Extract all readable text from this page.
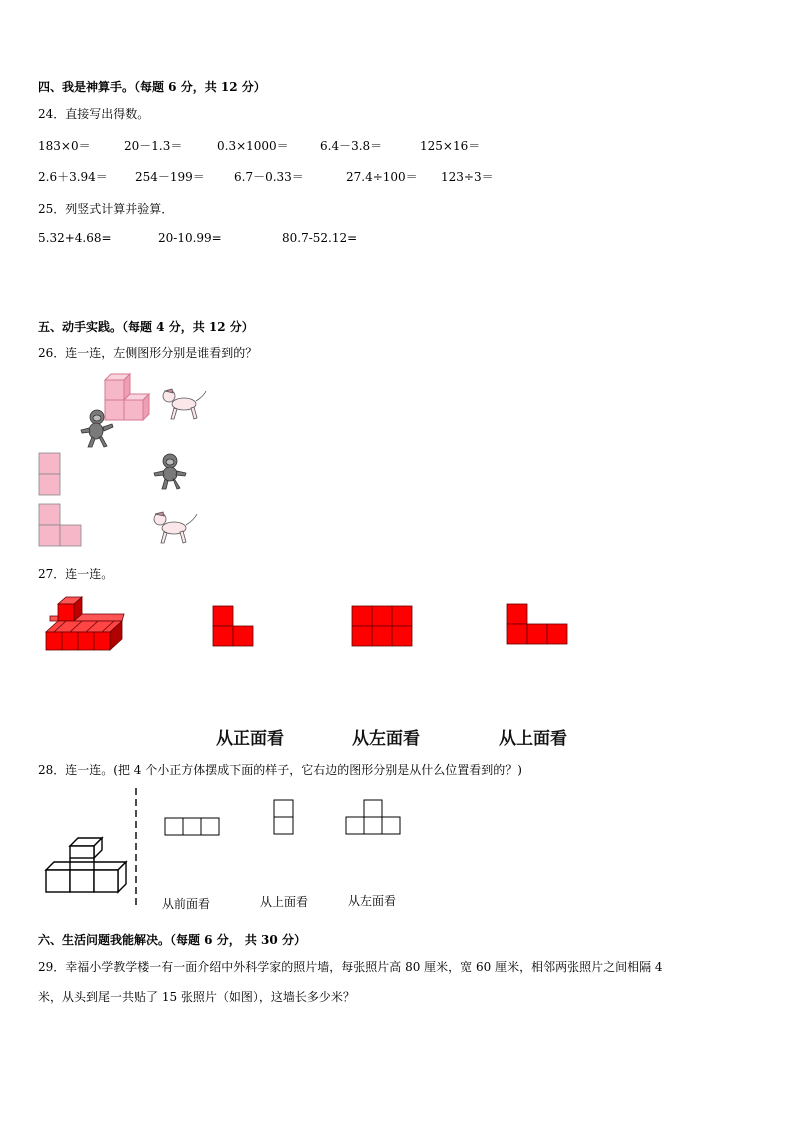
四、我是神算手。（每题 6 分，共 12 分）
24．直接写出得数。
183×0＝	20－1.3＝	0.3×1000＝	6.4－3.8＝	125×16＝
2.6＋3.94＝ 254－199＝ 6.7－0.33＝	27.4÷100＝ 123÷3＝
25．列竖式计算并验算．
5.32+4.68=	20-10.99=	80.7-52.12=
五、动手实践。（每题 4 分，共 12 分）
26．连一连，左侧图形分别是谁看到的？
27．连一连。
从正面看	从左面看	从上面看
28．连一连。(把 4 个小正方体摆成下面的样子，它右边的图形分别是从什么位置看到的？)
从前面看	从上面看	从左面看
六、生活问题我能解决。（每题 6 分， 共 30 分）
29．幸福小学教学楼一有一面介绍中外科学家的照片墙，每张照片高 80 厘米，宽 60 厘米，相邻两张照片之间相隔 4
米，从头到尾一共贴了 15 张照片（如图），这墙长多少米？
